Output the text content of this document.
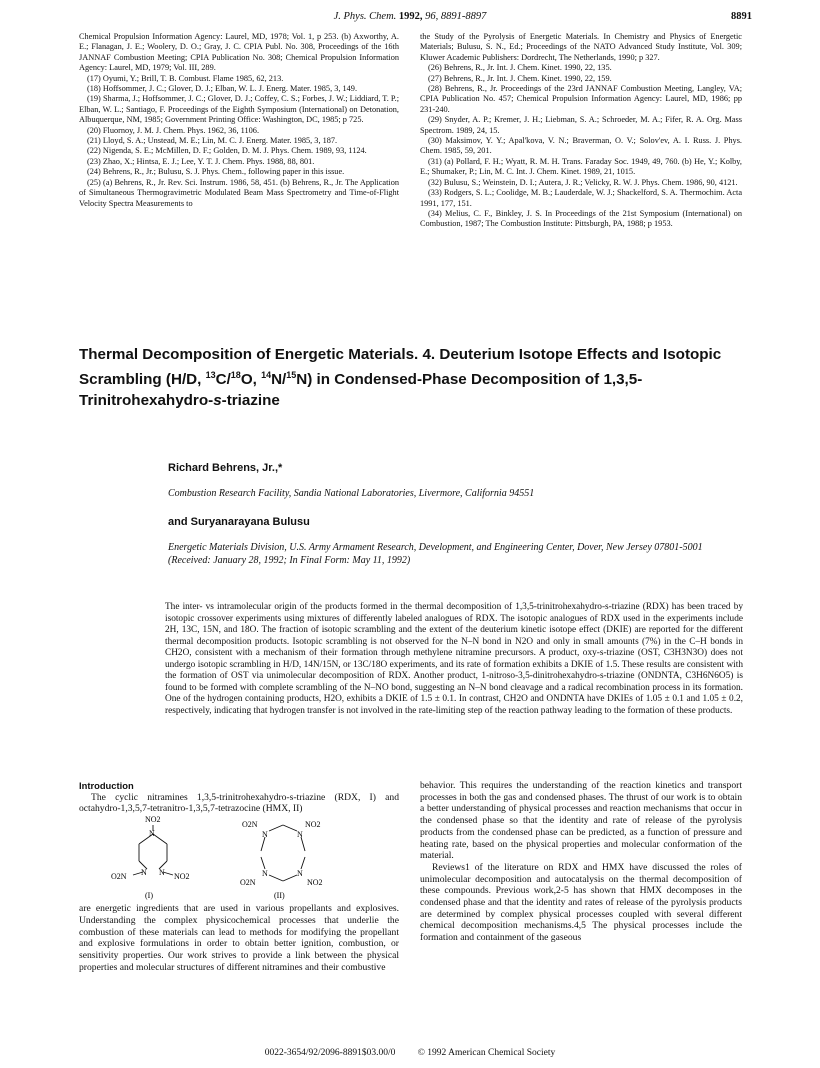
J. Phys. Chem. 1992, 96, 8891-8897	8891

Chemical Propulsion Information Agency: Laurel, MD, 1978; Vol. 1, p 253. (b) Axworthy, A. E.; Flanagan, J. E.; Woolery, D. O.; Gray, J. C. CPIA Publ. No. 308, Proceedings of the 16th JANNAF Combustion Meeting; CPIA Publication No. 308; Chemical Propulsion Information Agency: Laurel, MD, 1979; Vol. III, 289.

(17) Oyumi, Y.; Brill, T. B. Combust. Flame 1985, 62, 213.

(18) Hoffsommer, J. C.; Glover, D. J.; Elban, W. L. J. Energ. Mater. 1985, 3, 149.

(19) Sharma, J.; Hoffsommer, J. C.; Glover, D. J.; Coffey, C. S.; Forbes, J. W.; Liddiard, T. P.; Elban, W. L.; Santiago, F. Proceedings of the Eighth Symposium (International) on Detonation, Albuquerque, NM, 1985; Government Printing Office: Washington, DC, 1985; p 725.

(20) Fluornoy, J. M. J. Chem. Phys. 1962, 36, 1106.

(21) Lloyd, S. A.; Unstead, M. E.; Lin, M. C. J. Energ. Mater. 1985, 3, 187.

(22) Nigenda, S. E.; McMillen, D. F.; Golden, D. M. J. Phys. Chem. 1989, 93, 1124.

(23) Zhao, X.; Hintsa, E. J.; Lee, Y. T. J. Chem. Phys. 1988, 88, 801.

(24) Behrens, R., Jr.; Bulusu, S. J. Phys. Chem., following paper in this issue.

(25) (a) Behrens, R., Jr. Rev. Sci. Instrum. 1986, 58, 451. (b) Behrens, R., Jr. The Application of Simultaneous Thermogravimetric Modulated Beam Mass Spectrometry and Time-of-Flight Velocity Spectra Measurements to

the Study of the Pyrolysis of Energetic Materials. In Chemistry and Physics of Energetic Materials; Bulusu, S. N., Ed.; Proceedings of the NATO Advanced Study Institute, Vol. 309; Kluwer Academic Publishers: Dordrecht, The Netherlands, 1990; p 327.

(26) Behrens, R., Jr. Int. J. Chem. Kinet. 1990, 22, 135.

(27) Behrens, R., Jr. Int. J. Chem. Kinet. 1990, 22, 159.

(28) Behrens, R., Jr. Proceedings of the 23rd JANNAF Combustion Meeting, Langley, VA; CPIA Publication No. 457; Chemical Propulsion Information Agency: Laurel, MD, 1986; pp 231-240.

(29) Snyder, A. P.; Kremer, J. H.; Liebman, S. A.; Schroeder, M. A.; Fifer, R. A. Org. Mass Spectrom. 1989, 24, 15.

(30) Maksimov, Y. Y.; Apal'kova, V. N.; Braverman, O. V.; Solov'ev, A. I. Russ. J. Phys. Chem. 1985, 59, 201.

(31) (a) Pollard, F. H.; Wyatt, R. M. H. Trans. Faraday Soc. 1949, 49, 760. (b) He, Y.; Kolby, E.; Shumaker, P.; Lin, M. C. Int. J. Chem. Kinet. 1989, 21, 1015.

(32) Bulusu, S.; Weinstein, D. I.; Autera, J. R.; Velicky, R. W. J. Phys. Chem. 1986, 90, 4121.

(33) Rodgers, S. L.; Coolidge, M. B.; Lauderdale, W. J.; Shackelford, S. A. Thermochim. Acta 1991, 177, 151.

(34) Melius, C. F., Binkley, J. S. In Proceedings of the 21st Symposium (International) on Combustion, 1987; The Combustion Institute: Pittsburgh, PA, 1988; p 1953.

Thermal Decomposition of Energetic Materials. 4. Deuterium Isotope Effects and Isotopic Scrambling (H/D, $^{13}$C/$^{18}$O, $^{14}$N/$^{15}$N) in Condensed-Phase Decomposition of 1,3,5-Trinitrohexahydro-s-triazine
Richard Behrens, Jr.,*
Combustion Research Facility, Sandia National Laboratories, Livermore, California 94551
and Suryanarayana Bulusu
Energetic Materials Division, U.S. Army Armament Research, Development, and Engineering Center, Dover, New Jersey 07801-5001 (Received: January 28, 1992; In Final Form: May 11, 1992)
The inter- vs intramolecular origin of the products formed in the thermal decomposition of 1,3,5-trinitrohexahydro-s-triazine (RDX) has been traced by isotopic crossover experiments using mixtures of differently labeled analogues of RDX. The isotopic analogues of RDX used in the experiments include 2H, 13C, 15N, and 18O. The fraction of isotopic scrambling and the extent of the deuterium kinetic isotope effect (DKIE) are reported for the different thermal decomposition products. Isotopic scrambling is not observed for the N–N bond in N2O and only in small amounts (7%) in the C–H bonds in CH2O, consistent with a mechanism of their formation through methylene nitramine precursors. A product, oxy-s-triazine (OST, C3H3N3O) does not undergo isotopic scrambling in H/D, 14N/15N, or 13C/18O experiments, and its rate of formation exhibits a DKIE of 1.5. These results are consistent with the formation of OST via unimolecular decomposition of RDX. Another product, 1-nitroso-3,5-dinitrohexahydro-s-triazine (ONDNTA, C3H6N6O5) is found to be formed with complete scrambling of the N–NO bond, suggesting an N–N bond cleavage and a radical recombination process in its formation. One of the hydrogen containing products, H2O, exhibits a DKIE of 1.5 ± 0.1. In contrast, CH2O and ONDNTA have DKIEs of 1.05 ± 0.1 and 1.05 ± 0.2, respectively, indicating that hydrogen transfer is not involved in the rate-limiting step of the reaction pathway leading to the formation of these products.

Introduction

The cyclic nitramines 1,3,5-trinitrohexahydro-s-triazine (RDX, I) and octahydro-1,3,5,7-tetranitro-1,3,5,7-tetrazocine (HMX, II)

NO2
N
N N
O2N	NO2
(I)
O2N
N	N
NO2
N	N
O2N	NO2
(II)

are energetic ingredients that are used in various propellants and explosives. Understanding the complex physicochemical processes that underlie the combustion of these materials can lead to methods for modifying the propellant and explosive formulations in order to obtain better ignition, combustion, or sensitivity properties. Our work strives to provide a link between the physical properties and molecular structures of different nitramines and their combustive

behavior. This requires the understanding of the reaction kinetics and transport processes in both the gas and condensed phases. The thrust of our work is to obtain a better understanding of physical processes and reaction mechanisms that occur in the condensed phase so that the identity and rate of release of the pyrolysis products from the condensed phase can be predicted, as a function of pressure and heating rate, based on the physical properties and molecular conformation of the material.

Reviews1 of the literature on RDX and HMX have discussed the roles of unimolecular decomposition and autocatalysis on the thermal decomposition of these compounds. Previous work,2-5 has shown that HMX decomposes in the condensed phase and that the identity and rates of release of the pyrolysis products are determined by complex physical processes coupled with several different chemical decomposition mechanisms.4,5 The physical processes include the formation and containment of the gaseous

0022-3654/92/2096-8891$03.00/0 © 1992 American Chemical Society
